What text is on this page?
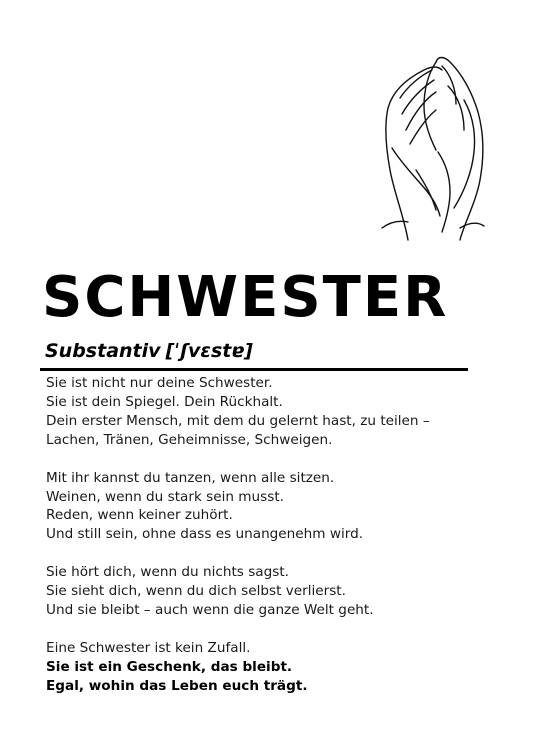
SCHWESTER
Substantiv [ˈʃvɛstɐ]
Sie ist nicht nur deine Schwester.
Sie ist dein Spiegel. Dein Rückhalt.
Dein erster Mensch, mit dem du gelernt hast, zu teilen –
Lachen, Tränen, Geheimnisse, Schweigen.
Mit ihr kannst du tanzen, wenn alle sitzen.
Weinen, wenn du stark sein musst.
Reden, wenn keiner zuhört.
Und still sein, ohne dass es unangenehm wird.
Sie hört dich, wenn du nichts sagst.
Sie sieht dich, wenn du dich selbst verlierst.
Und sie bleibt – auch wenn die ganze Welt geht.
Eine Schwester ist kein Zufall.
Sie ist ein Geschenk, das bleibt.
Egal, wohin das Leben euch trägt.
